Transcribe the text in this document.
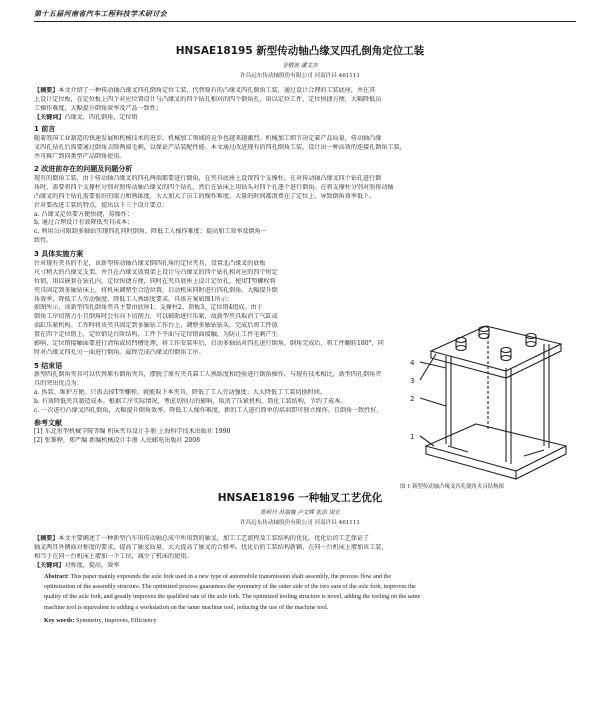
第十五届河南省汽车工程科技学术研讨会
HNSAE18195 新型传动轴凸缘叉四孔倒角定位工装
金敬波 潘文杰
许昌远东传动轴股份有限公司 河南许昌 461111
【摘要】本文介绍了一种传动轴凸缘叉四孔倒角定位工装，代替原有的凸缘叉四孔倒角工装，通过设计合理的工装底座，并在其
上设计定位板，在定位板上四个对应位置设计与凸缘叉的四个钻孔相对的四个倒角孔，用以定位工件，定位快捷方便，大幅降低员
工操作难度，大幅提升倒角效率及产品一致性；
【关键词】凸缘叉，四孔倒角，定位销
1 前言
随着我国工业制造的快速发展和机械技术的进步，机械加工领域的竞争也越来越激烈。机械加工细节决定着产品质量，传动轴凸缘
叉四孔钻孔后需要通过倒角去除两端毛刺，以保证产品装配性能。本文通过改进现有的四孔倒角工装，设计出一种高效的连接孔倒角工装，
并可推广到同类型产品倒角使用。
2 改进前存在的问题及问题分析
现有的倒角工装，由于传动轴凸缘叉的四孔两端都要进行倒角，在夹具底座上设置四个支撑柱，在对传动轴凸缘叉四个钻孔进行倒
角时，需要将四个支撑柱分别对照传动轴凸缘叉的四个钻孔，然后在钻床上用钻头对四个孔逐个进行倒角。在将支撑柱分别对照传动轴
凸缘叉的四个钻孔需要很好的眼力和熟练度，大大加大了员工的操作难度，大量的时间都浪费在了定位上，导致倒角效率低下。
针对要改进工装的特点，提出以下三个设计要点：
a. 凸缘叉定位要方便快捷，易操作；
b. 通过合理设计有效降低夹具成本；
c. 利用公司限制多轴钻实现四孔同时倒角，降低工人操作难度；提高加工效率及倒角一
致性。
3 具体实施方案
针对现有夹具的不足，该新型传动轴凸缘叉倒四孔角的定位夹具，设置北凸缘叉的底板
尺寸稍大的凸缘叉支架，并且在凸缘叉放置架上设计与凸缘叉的四个钻孔相对应的四个短定
位销，用以嵌套在钻孔内，定位快捷方便，同时在夹具底座上设计定位孔，使用T型螺栓将
夹具固定到多轴钻床上，将机床调整至合适位置，启动机床同时进行四孔倒角，大幅提升倒
角效率，降低工人劳动强度，降低工人熟练度要求。具体方案如图1所示：
如图所示，该新型四孔倒角夹具主要由底座1、支撑柱2、顶板3、定位销4组成。由于
倒角工序切削力小且倒角时会有向下切削力，可以辅助进行压紧，故新型夹具取消了气缸或
油缸压紧机构。工作时将该夹具固定到多轴钻工作台上，调整多轴钻钻头，完成后将工件放
置在四个定位销上，定位销是台阶结构，工件下平面与定位销面接触，为防止工件毛刺产生
影响，定位销接触面要进行清角或切凹槽处理。将工作安装牢后，启动多轴钻对四孔进行倒角。倒角完成后，将工件翻转180°，同
时对凸缘叉四孔另一面进行倒角。最终完成凸缘叉的倒角工序。
4
3
2
1
图 1 新型传动轴凸缘叉四孔倒角夹具结构图
5 结束语
新型四孔倒角夹具可以代替原有倒角夹具，摆脱了原有夹具靠工人熟练度和经验进行倒角操作，与现有技术相比，新型四孔倒角夹
具的突出优点为：
a. 拆装、维护方便。只需去掉T型螺栓，就能取下本夹具，降低了工人劳动强度；大大降低了工装切换时间。
b. 有效降低夹具制造成本。根据工序实际情况，考虑切削力的影响，取消了压紧机构，简化工装结构，节约了成本。
c. 一次进行凸缘叉四孔倒角，大幅提升倒角效率，降低工人操作难度，新的工人进行简单的培训即可独立操作。且倒角一致性好。
参考文献
[1] 东北重型机械学院等编 机床夹具设计手册 上海科学技术出版社 1990
[2] 张黎骅，郑严编 新编机械设计手册 人民邮电出版社 2008
HNSAE18196 一种轴叉工艺优化
郑利丹 苏瑞魏 卢文辉 张浩 周宏
许昌远东传动轴股份有限公司 河南许昌 461111
【摘要】本文主要阐述了一种新型汽车用传动轴总成中所用到的轴叉，加工工艺流程及工装结构的优化。优化后的工艺保证了
轴叉两耳外侧面对称度的要求，提高了轴叉质量，大大提高了轴叉的合格率。优化后的工装结构新颖，在同一台机床上增加该工装，
相当于在同一台机床上增加一个工位，减少了机床的使用。
【关键词】对称度，提高，效率
Abstract: This paper mainly expounds the axle fork used in a new type of automobile transmission shaft assembly, the process flow and the
optimization of the assembly structure. The optimized process guarantees the symmetry of the outer side of the two ears of the axle fork, improves the
quality of the axle fork, and greatly improves the qualified rate of the axle fork. The optimized tooling structure is novel, adding the tooling on the same
machine tool is equivalent to adding a workstation on the same machine tool, reducing the use of the machine tool.
Key words: Symmetry, Improves, Efficiency
